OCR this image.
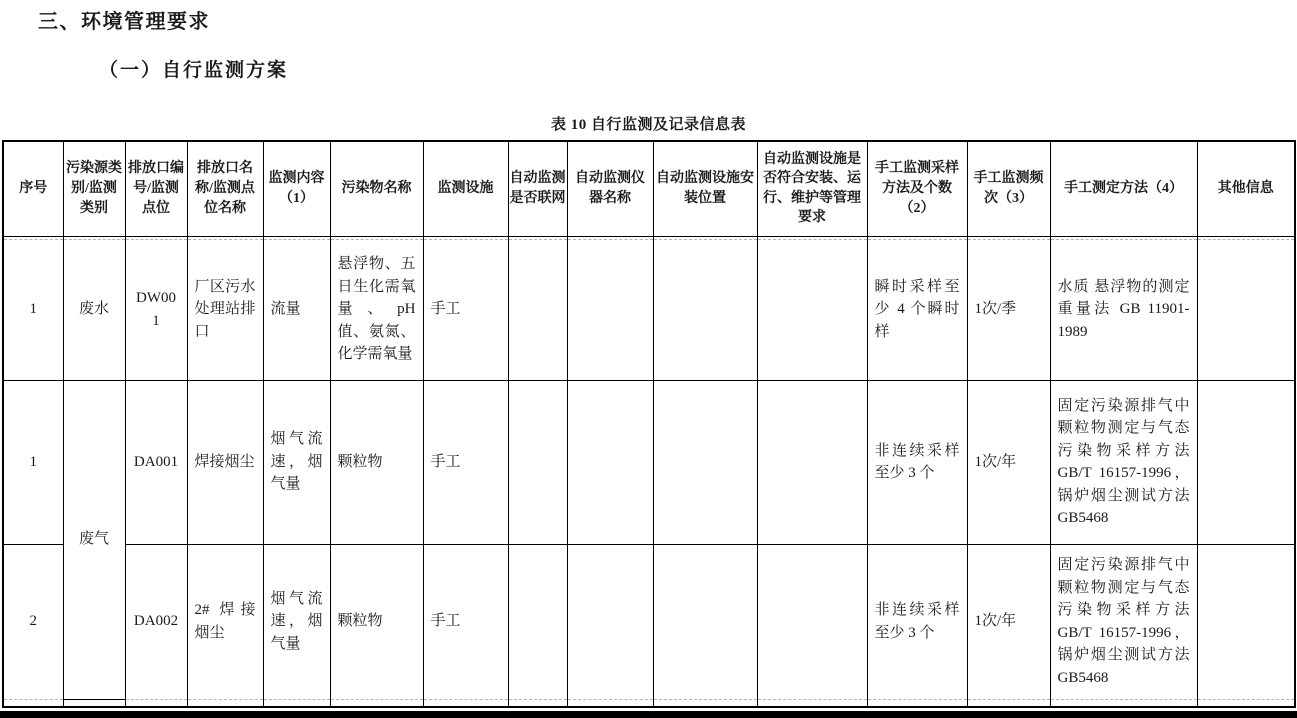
三、环境管理要求
（一）自行监测方案
表 10 自行监测及记录信息表
序号	污染源类别/监测类别	排放口编号/监测点位	排放口名称/监测点位名称	监测内容（1）	污染物名称	监测设施	自动监测是否联网	自动监测仪器名称	自动监测设施安装位置	自动监测设施是否符合安装、运行、维护等管理要求	手工监测采样方法及个数（2）	手工监测频次（3）	手工测定方法（4）	其他信息

1	废水	DW001	厂区污水处理站排口	流量	悬浮物、五日生化需氧量、pH 值、氨氮、化学需氧量	手工					瞬时采样至少 4 个瞬时样	1次/季	水质 悬浮物的测定 重量法 GB 11901-1989	
1	废气	DA001	焊接烟尘	烟气流速，烟气量	颗粒物	手工					非连续采样 至少 3 个	1次/年	固定污染源排气中颗粒物测定与气态污染物采样方法 GB/T 16157-1996，锅炉烟尘测试方法 GB5468	
2		DA002	2# 焊接烟尘	烟气流速，烟气量	颗粒物	手工					非连续采样 至少 3 个	1次/年	固定污染源排气中颗粒物测定与气态污染物采样方法 GB/T 16157-1996，锅炉烟尘测试方法 GB5468	
